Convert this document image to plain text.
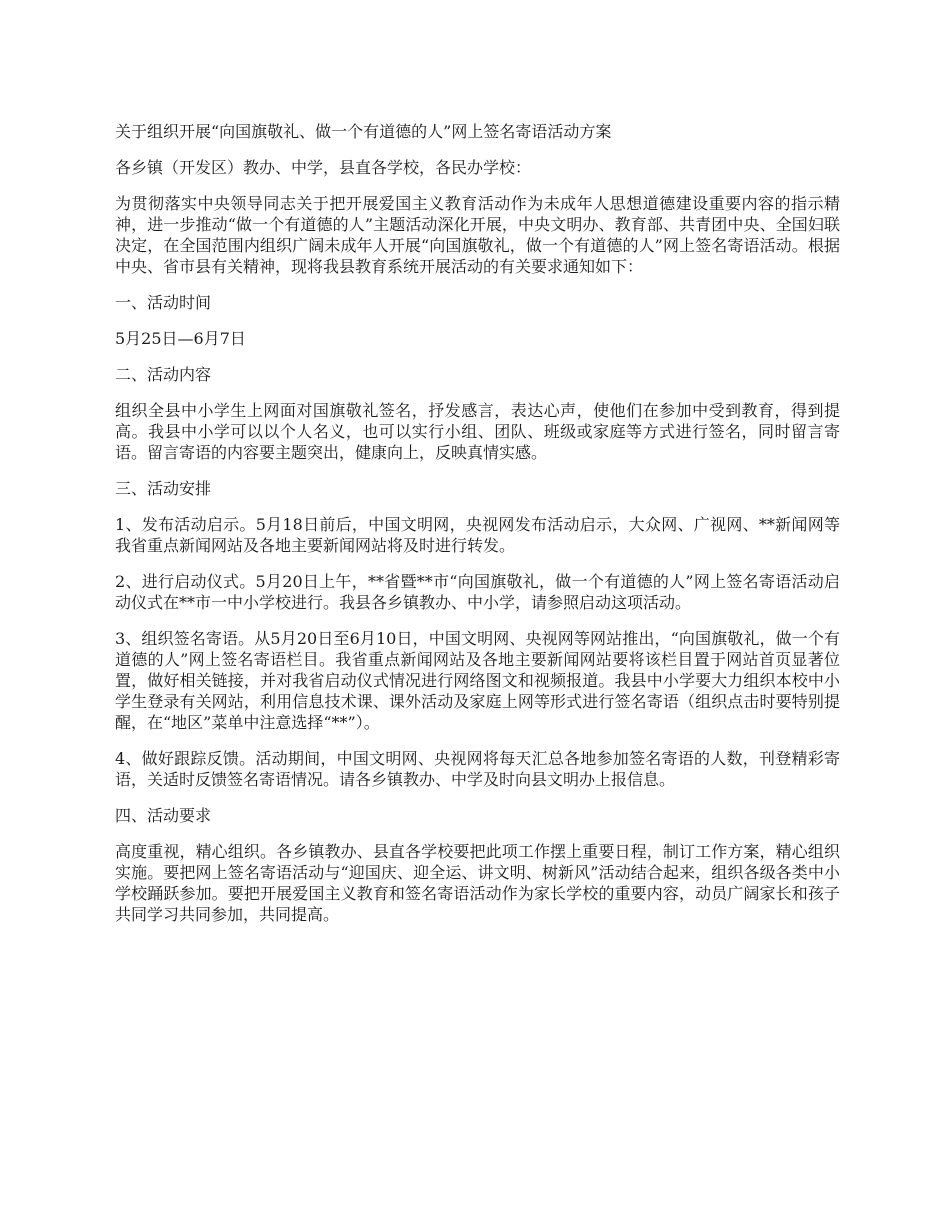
关于组织开展“向国旗敬礼、做一个有道德的人”网上签名寄语活动方案

各乡镇（开发区）教办、中学，县直各学校，各民办学校：

为贯彻落实中央领导同志关于把开展爱国主义教育活动作为未成年人思想道德建设重要内容的指示精神，进一步推动“做一个有道德的人”主题活动深化开展，中央文明办、教育部、共青团中央、全国妇联决定，在全国范围内组织广阔未成年人开展“向国旗敬礼，做一个有道德的人”网上签名寄语活动。根据中央、省市县有关精神，现将我县教育系统开展活动的有关要求通知如下：

一、活动时间

5月25日—6月7日

二、活动内容

组织全县中小学生上网面对国旗敬礼签名，抒发感言，表达心声，使他们在参加中受到教育，得到提高。我县中小学可以以个人名义，也可以实行小组、团队、班级或家庭等方式进行签名，同时留言寄语。留言寄语的内容要主题突出，健康向上，反映真情实感。

三、活动安排

1、发布活动启示。5月18日前后，中国文明网，央视网发布活动启示，大众网、广视网、**新闻网等我省重点新闻网站及各地主要新闻网站将及时进行转发。

2、进行启动仪式。5月20日上午，**省暨**市“向国旗敬礼，做一个有道德的人”网上签名寄语活动启动仪式在**市一中小学校进行。我县各乡镇教办、中小学，请参照启动这项活动。

3、组织签名寄语。从5月20日至6月10日，中国文明网、央视网等网站推出，“向国旗敬礼，做一个有道德的人”网上签名寄语栏目。我省重点新闻网站及各地主要新闻网站要将该栏目置于网站首页显著位置，做好相关链接，并对我省启动仪式情况进行网络图文和视频报道。我县中小学要大力组织本校中小学生登录有关网站，利用信息技术课、课外活动及家庭上网等形式进行签名寄语（组织点击时要特别提醒，在“地区”菜单中注意选择“**”）。

4、做好跟踪反馈。活动期间，中国文明网、央视网将每天汇总各地参加签名寄语的人数，刊登精彩寄语，关适时反馈签名寄语情况。请各乡镇教办、中学及时向县文明办上报信息。

四、活动要求

高度重视，精心组织。各乡镇教办、县直各学校要把此项工作摆上重要日程，制订工作方案，精心组织实施。要把网上签名寄语活动与“迎国庆、迎全运、讲文明、树新风”活动结合起来，组织各级各类中小学校踊跃参加。要把开展爱国主义教育和签名寄语活动作为家长学校的重要内容，动员广阔家长和孩子共同学习共同参加，共同提高。
